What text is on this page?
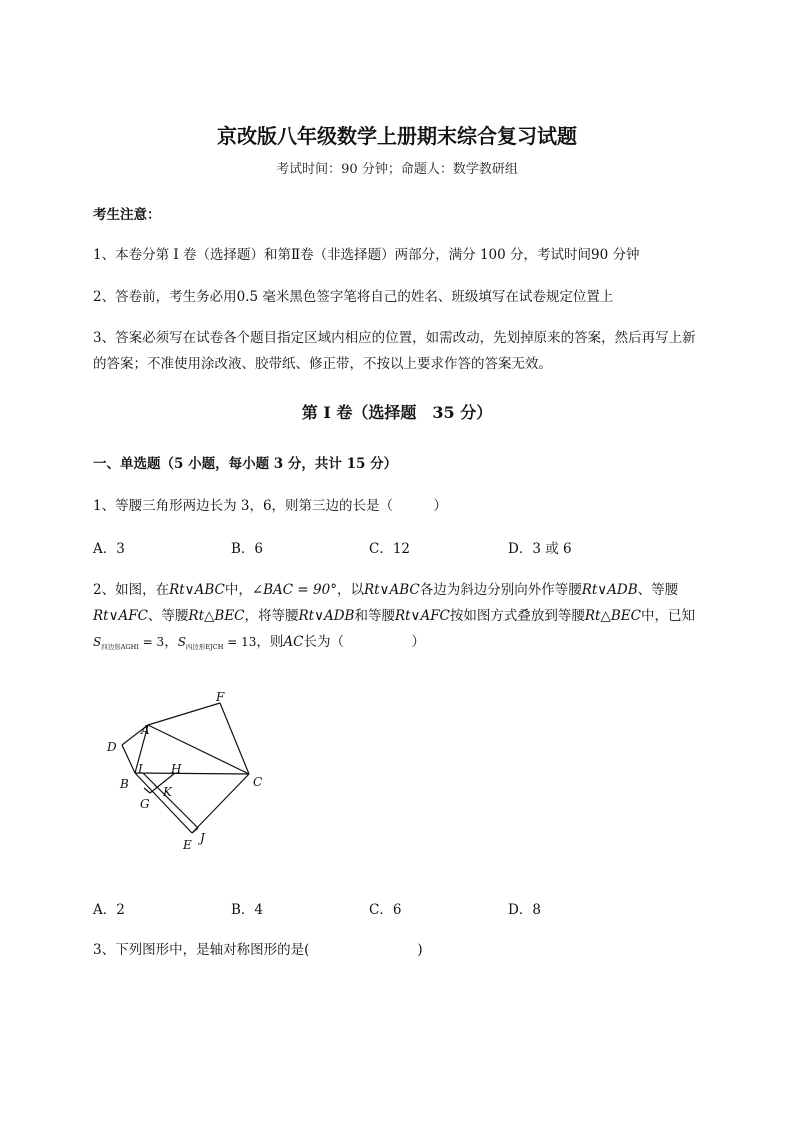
京改版八年级数学上册期末综合复习试题
考试时间：90 分钟；命题人：数学教研组
考生注意：
1、本卷分第 I 卷（选择题）和第Ⅱ卷（非选择题）两部分，满分 100 分，考试时间90 分钟
2、答卷前，考生务必用0.5 毫米黑色签字笔将自己的姓名、班级填写在试卷规定位置上
3、答案必须写在试卷各个题目指定区域内相应的位置，如需改动，先划掉原来的答案，然后再写上新
的答案；不准使用涂改液、胶带纸、修正带，不按以上要求作答的答案无效。
第 I 卷（选择题　35 分）
一、单选题（5 小题，每小题 3 分，共计 15 分）
1、等腰三角形两边长为 3，6，则第三边的长是（　　　）
A．3	B．6	C．12	D．3 或 6
2、如图，在Rt∨ABC中，∠BAC = 90°，以Rt∨ABC各边为斜边分别向外作等腰Rt∨ADB、等腰
Rt∨AFC、等腰Rt△BEC，将等腰Rt∨ADB和等腰Rt∨AFC按如图方式叠放到等腰Rt△BEC中，已知
$S_{四边形AGHI} = 3$，$S_{四边形EJCH} = 13$，则AC长为（　　　　　）
F
A
D
I H
B	C
K
G
J
E
A．2	B．4	C．6	D．8
3、下列图形中，是轴对称图形的是(　　　　　　　　)
